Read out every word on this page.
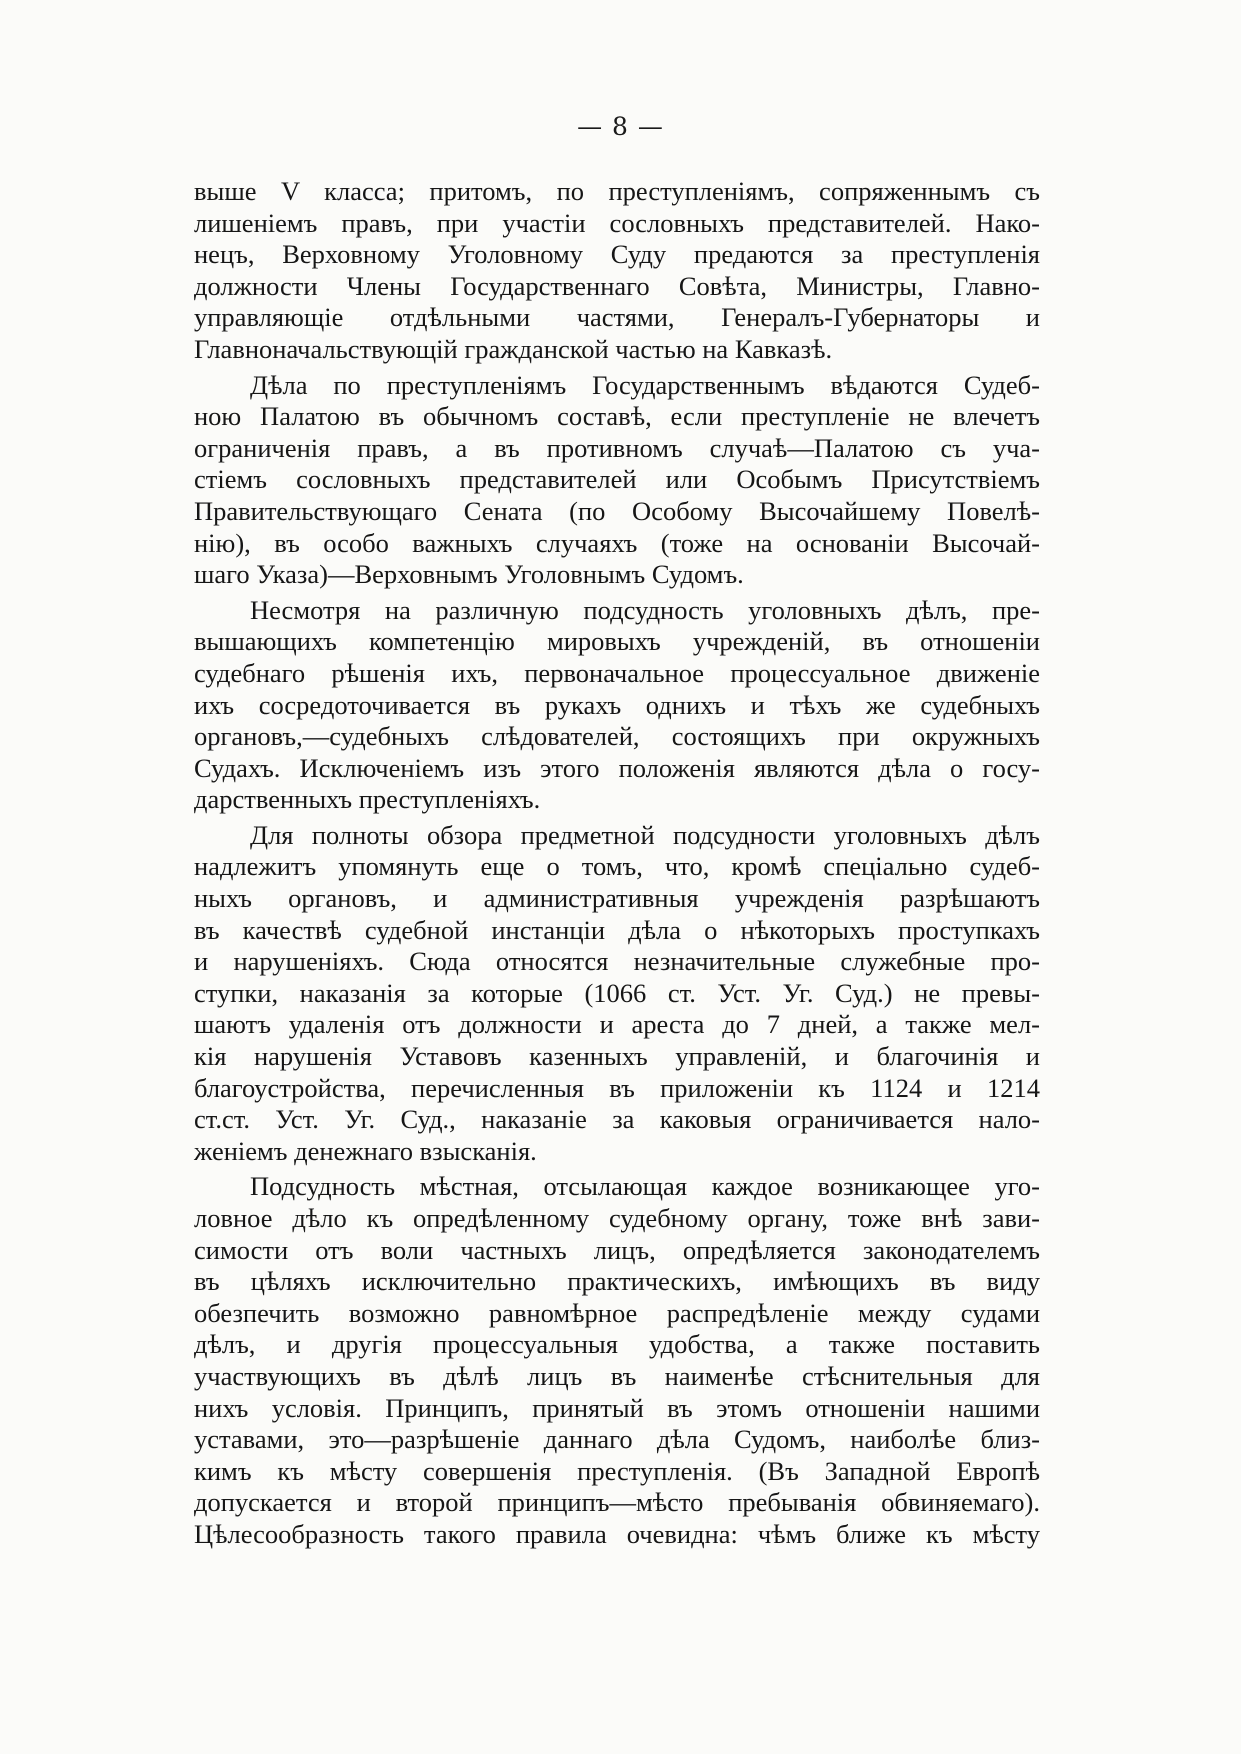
— 8 —
выше V класса; притомъ, по преступленіямъ, сопряженнымъ съ
лишеніемъ правъ, при участіи сословныхъ представителей. Нако-
нецъ, Верховному Уголовному Суду предаются за преступленія
должности Члены Государственнаго Совѣта, Министры, Главно-
управляющіе отдѣльными частями, Генералъ-Губернаторы и
Главноначальствующій гражданской частью на Кавказѣ.
Дѣла по преступленіямъ Государственнымъ вѣдаются Судеб-
ною Палатою въ обычномъ составѣ, если преступленіе не влечетъ
ограниченія правъ, а въ противномъ случаѣ—Палатою съ уча-
стіемъ сословныхъ представителей или Особымъ Присутствіемъ
Правительствующаго Сената (по Особому Высочайшему Повелѣ-
нію), въ особо важныхъ случаяхъ (тоже на основаніи Высочай-
шаго Указа)—Верховнымъ Уголовнымъ Судомъ.
Несмотря на различную подсудность уголовныхъ дѣлъ, пре-
вышающихъ компетенцію мировыхъ учрежденій, въ отношеніи
судебнаго рѣшенія ихъ, первоначальное процессуальное движеніе
ихъ сосредоточивается въ рукахъ однихъ и тѣхъ же судебныхъ
органовъ,—судебныхъ слѣдователей, состоящихъ при окружныхъ
Судахъ. Исключеніемъ изъ этого положенія являются дѣла о госу-
дарственныхъ преступленіяхъ.
Для полноты обзора предметной подсудности уголовныхъ дѣлъ
надлежитъ упомянуть еще о томъ, что, кромѣ спеціально судеб-
ныхъ органовъ, и административныя учрежденія разрѣшаютъ
въ качествѣ судебной инстанціи дѣла о нѣкоторыхъ проступкахъ
и нарушеніяхъ. Сюда относятся незначительные служебные про-
ступки, наказанія за которые (1066 ст. Уст. Уг. Суд.) не превы-
шаютъ удаленія отъ должности и ареста до 7 дней, а также мел-
кія нарушенія Уставовъ казенныхъ управленій, и благочинія и
благоустройства, перечисленныя въ приложеніи къ 1124 и 1214
ст.ст. Уст. Уг. Суд., наказаніе за каковыя ограничивается нало-
женіемъ денежнаго взысканія.
Подсудность мѣстная, отсылающая каждое возникающее уго-
ловное дѣло къ опредѣленному судебному органу, тоже внѣ зави-
симости отъ воли частныхъ лицъ, опредѣляется законодателемъ
въ цѣляхъ исключительно практическихъ, имѣющихъ въ виду
обезпечить возможно равномѣрное распредѣленіе между судами
дѣлъ, и другія процессуальныя удобства, а также поставить
участвующихъ въ дѣлѣ лицъ въ наименѣе стѣснительныя для
нихъ условія. Принципъ, принятый въ этомъ отношеніи нашими
уставами, это—разрѣшеніе даннаго дѣла Судомъ, наиболѣе близ-
кимъ къ мѣсту совершенія преступленія. (Въ Западной Европѣ
допускается и второй принципъ—мѣсто пребыванія обвиняемаго).
Цѣлесообразность такого правила очевидна: чѣмъ ближе къ мѣсту
